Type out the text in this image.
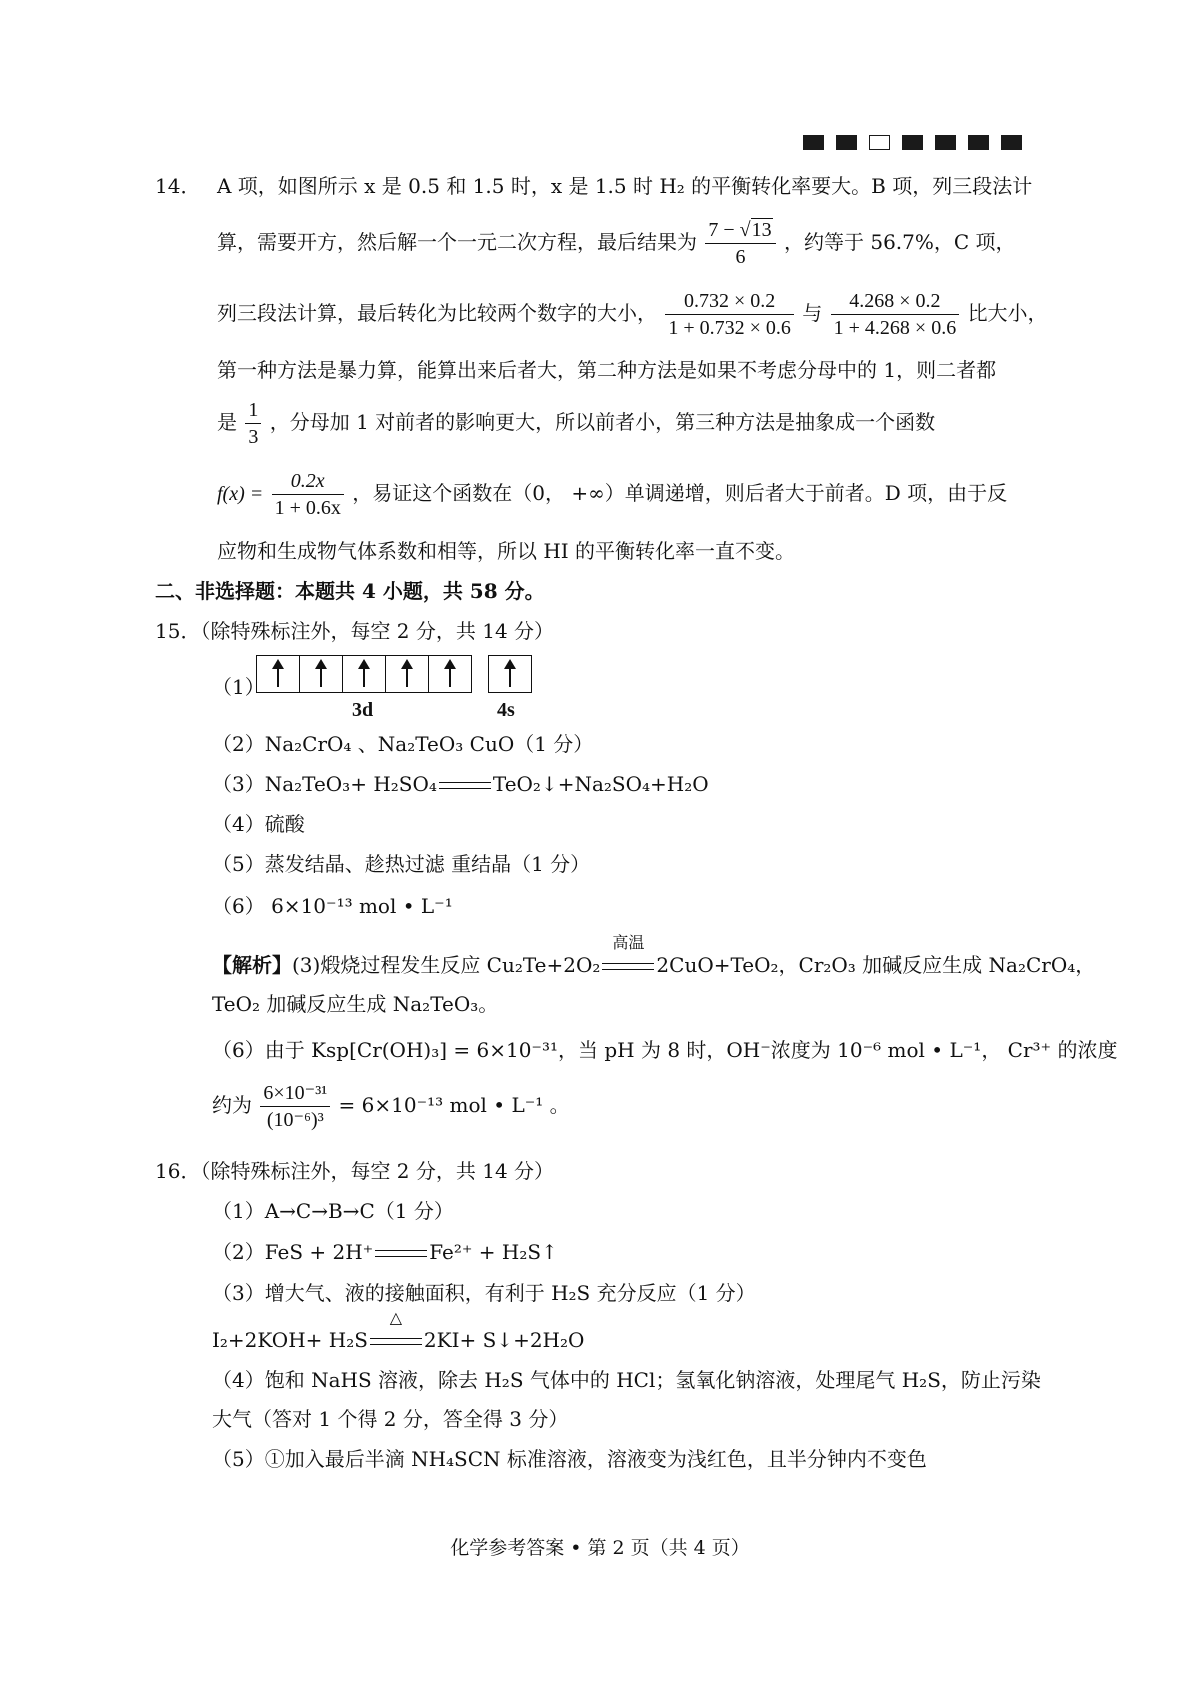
14． A 项，如图所示 x 是 0.5 和 1.5 时，x 是 1.5 时 H₂ 的平衡转化率要大。B 项，列三段法计
算，需要开方，然后解一个一元二次方程，最后结果为 $\frac{7 - √13}{6}$ ，约等于 56.7%，C 项，
列三段法计算，最后转化为比较两个数字的大小， $\frac{0.732 \times 0.2}{1 + 0.732 \times 0.6}$ 与 $\frac{4.268 \times 0.2}{1 + 4.268 \times 0.6}$ 比大小，
第一种方法是暴力算，能算出来后者大，第二种方法是如果不考虑分母中的 1，则二者都
是 $\frac{1}{3}$ ，分母加 1 对前者的影响更大，所以前者小，第三种方法是抽象成一个函数
$f(x) = \frac{0.2x}{1 + 0.6x}$ ，易证这个函数在（0， +∞）单调递增，则后者大于前者。D 项，由于反
应物和生成物气体系数和相等，所以 HI 的平衡转化率一直不变。
二、非选择题：本题共 4 小题，共 58 分。
15．（除特殊标注外，每空 2 分，共 14 分）
（1）
3d	4s
（2）Na₂CrO₄ 、Na₂TeO₃ CuO（1 分）
（3）Na₂TeO₃+ H₂SO₄	TeO₂↓+Na₂SO₄+H₂O
（4）硫酸
（5）蒸发结晶、趁热过滤 重结晶（1 分）
（6） 6×10⁻¹³ mol • L⁻¹
【解析】(3)煅烧过程发生反应 Cu₂Te+2O₂
高温
2CuO+TeO₂，Cr₂O₃ 加碱反应生成 Na₂CrO₄，
TeO₂ 加碱反应生成 Na₂TeO₃。
（6）由于 Ksp[Cr(OH)₃] = 6×10⁻³¹，当 pH 为 8 时，OH⁻浓度为 10⁻⁶ mol • L⁻¹， Cr³⁺ 的浓度
约为 $\frac{\text{6×10⁻³¹}}{\text{(10⁻⁶)³}} = 6\times 10^{-13}$ mol • L⁻¹ 。
16．（除特殊标注外，每空 2 分，共 14 分）
（1）A→C→B→C（1 分）
（2）FeS + 2H⁺	Fe²⁺ + H₂S↑
（3）增大气、液的接触面积，有利于 H₂S 充分反应（1 分）
I₂+2KOH+ H₂S
△
2KI+ S↓+2H₂O
（4）饱和 NaHS 溶液，除去 H₂S 气体中的 HCl；氢氧化钠溶液，处理尾气 H₂S，防止污染
大气（答对 1 个得 2 分，答全得 3 分）
（5）①加入最后半滴 NH₄SCN 标准溶液，溶液变为浅红色，且半分钟内不变色
化学参考答案 • 第 2 页（共 4 页）
